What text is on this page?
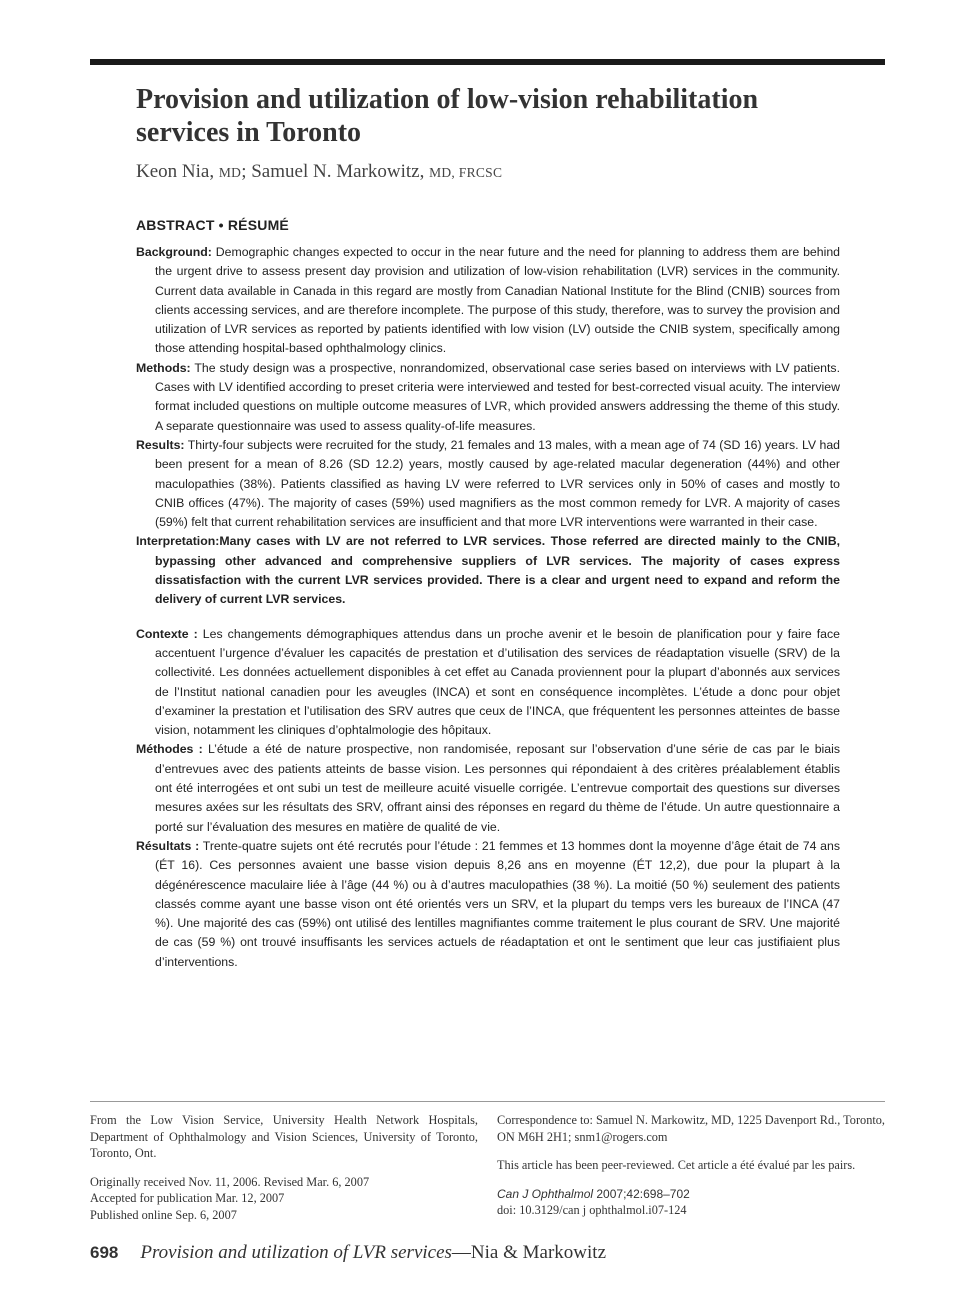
Provision and utilization of low-vision rehabilitation services in Toronto

Keon Nia, MD; Samuel N. Markowitz, MD, FRCSC

ABSTRACT • RÉSUMÉ

Background: Demographic changes expected to occur in the near future and the need for planning to address them are behind the urgent drive to assess present day provision and utilization of low-vision rehabilitation (LVR) services in the community. Current data available in Canada in this regard are mostly from Canadian National Institute for the Blind (CNIB) sources from clients accessing services, and are therefore incomplete. The purpose of this study, therefore, was to survey the provision and utilization of LVR services as reported by patients identified with low vision (LV) outside the CNIB system, specifically among those attending hospital-based ophthalmology clinics.

Methods: The study design was a prospective, nonrandomized, observational case series based on interviews with LV patients. Cases with LV identified according to preset criteria were interviewed and tested for best-corrected visual acuity. The interview format included questions on multiple outcome measures of LVR, which provided answers addressing the theme of this study. A separate questionnaire was used to assess quality-of-life measures.

Results: Thirty-four subjects were recruited for the study, 21 females and 13 males, with a mean age of 74 (SD 16) years. LV had been present for a mean of 8.26 (SD 12.2) years, mostly caused by age-related macular degeneration (44%) and other maculopathies (38%). Patients classified as having LV were referred to LVR services only in 50% of cases and mostly to CNIB offices (47%). The majority of cases (59%) used magnifiers as the most common remedy for LVR. A majority of cases (59%) felt that current rehabilitation services are insufficient and that more LVR interventions were warranted in their case.

Interpretation:Many cases with LV are not referred to LVR services. Those referred are directed mainly to the CNIB, bypassing other advanced and comprehensive suppliers of LVR services. The majority of cases express dissatisfaction with the current LVR services provided. There is a clear and urgent need to expand and reform the delivery of current LVR services.

Contexte : Les changements démographiques attendus dans un proche avenir et le besoin de planification pour y faire face accentuent l’urgence d’évaluer les capacités de prestation et d’utilisation des services de réadaptation visuelle (SRV) de la collectivité. Les données actuellement disponibles à cet effet au Canada proviennent pour la plupart d’abonnés aux services de l’Institut national canadien pour les aveugles (INCA) et sont en conséquence incomplètes. L’étude a donc pour objet d’examiner la prestation et l’utilisation des SRV autres que ceux de l’INCA, que fréquentent les personnes atteintes de basse vision, notamment les cliniques d’ophtalmologie des hôpitaux.

Méthodes : L’étude a été de nature prospective, non randomisée, reposant sur l’observation d’une série de cas par le biais d’entrevues avec des patients atteints de basse vision. Les personnes qui répondaient à des critères préalablement établis ont été interrogées et ont subi un test de meilleure acuité visuelle corrigée. L’entrevue comportait des questions sur diverses mesures axées sur les résultats des SRV, offrant ainsi des réponses en regard du thème de l’étude. Un autre questionnaire a porté sur l’évaluation des mesures en matière de qualité de vie.

Résultats : Trente-quatre sujets ont été recrutés pour l’étude : 21 femmes et 13 hommes dont la moyenne d’âge était de 74 ans (ÉT 16). Ces personnes avaient une basse vision depuis 8,26 ans en moyenne (ÉT 12,2), due pour la plupart à la dégénérescence maculaire liée à l’âge (44 %) ou à d’autres maculopathies (38 %). La moitié (50 %) seulement des patients classés comme ayant une basse vison ont été orientés vers un SRV, et la plupart du temps vers les bureaux de l’INCA (47 %). Une majorité des cas (59%) ont utilisé des lentilles magnifiantes comme traitement le plus courant de SRV. Une majorité de cas (59 %) ont trouvé insuffisants les services actuels de réadaptation et ont le sentiment que leur cas justifiaient plus d’interventions.

From the Low Vision Service, University Health Network Hospitals, Department of Ophthalmology and Vision Sciences, University of Toronto, Toronto, Ont.

Originally received Nov. 11, 2006. Revised Mar. 6, 2007

Accepted for publication Mar. 12, 2007

Published online Sep. 6, 2007

Correspondence to: Samuel N. Markowitz, MD, 1225 Davenport Rd., Toronto, ON M6H 2H1; snm1@rogers.com

This article has been peer-reviewed. Cet article a été évalué par les pairs.

Can J Ophthalmol 2007;42:698–702

doi: 10.3129/can j ophthalmol.i07-124

698 Provision and utilization of LVR services—Nia & Markowitz
